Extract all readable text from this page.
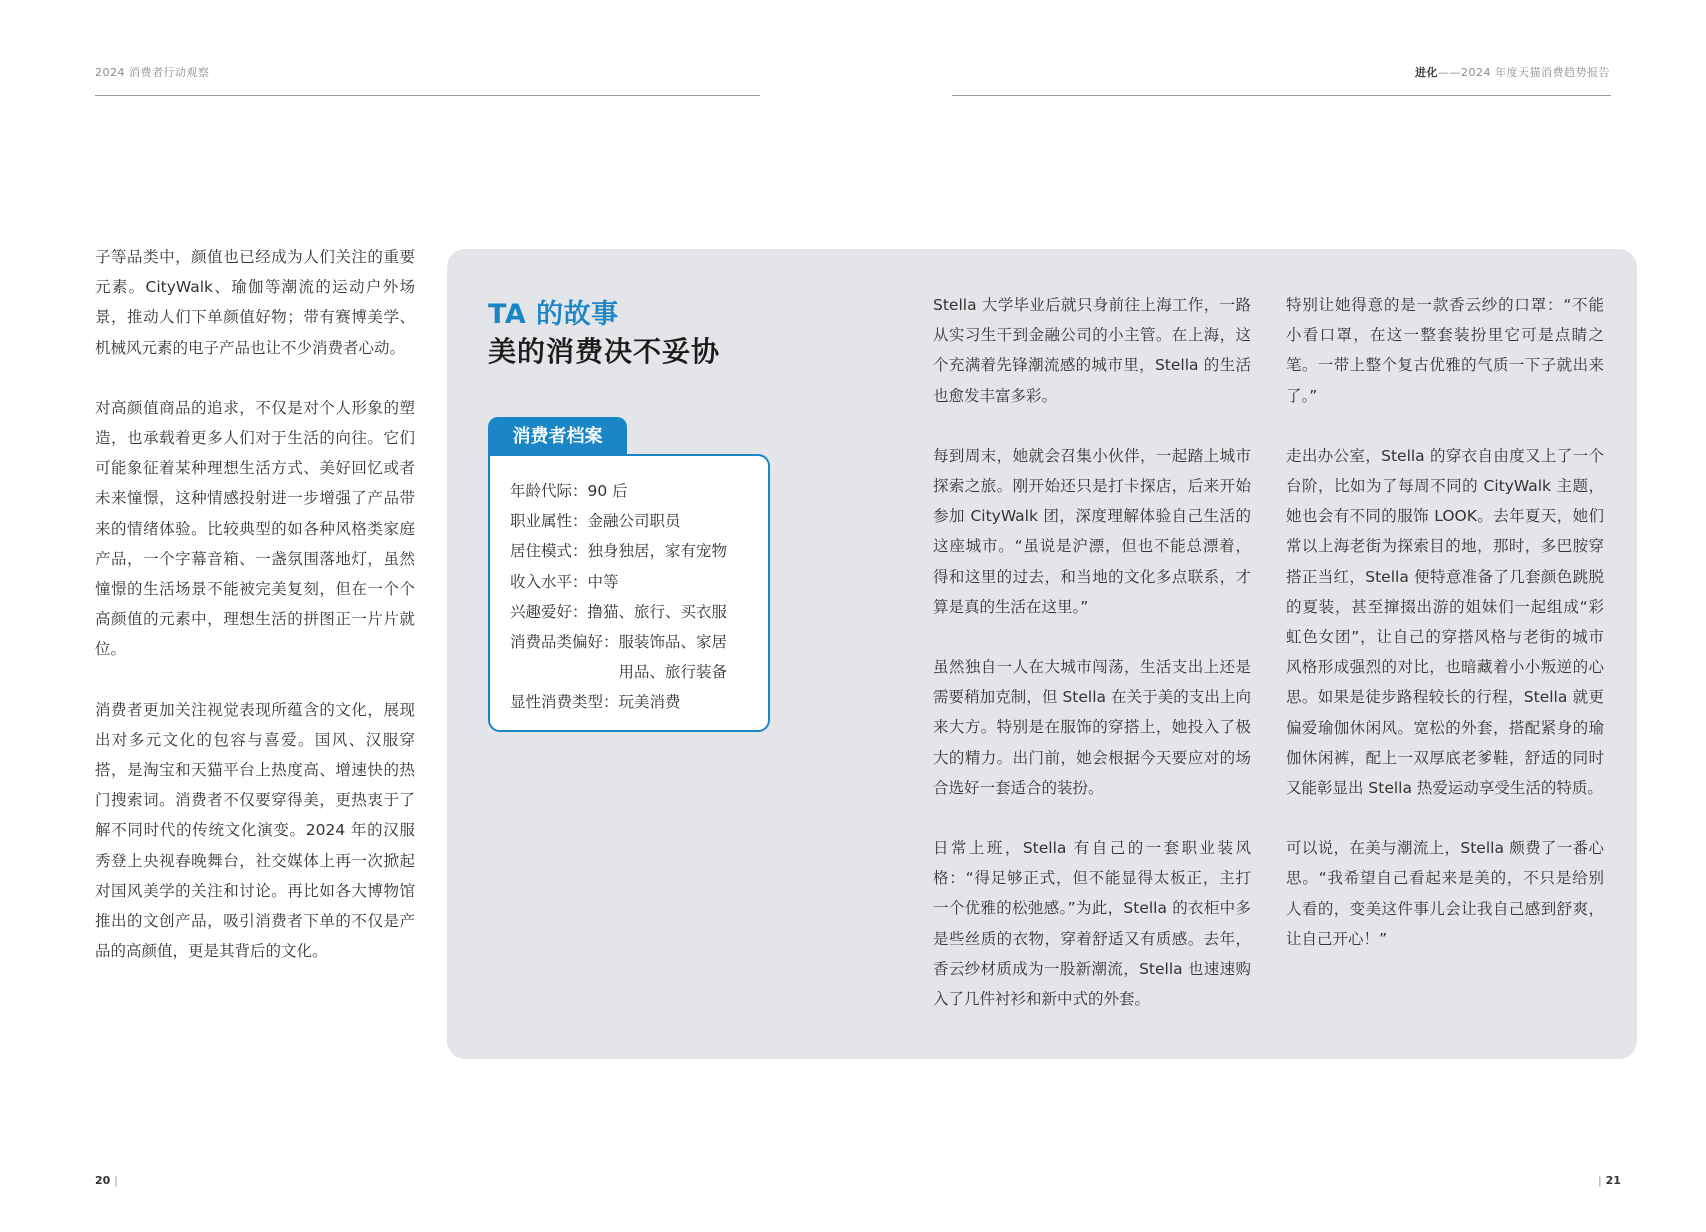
2024 消费者行动观察	进化——2024 年度天猫消费趋势报告

子等品类中，颜值也已经成为人们关注的重要元素。CityWalk、瑜伽等潮流的运动户外场景，推动人们下单颜值好物；带有赛博美学、机械风元素的电子产品也让不少消费者心动。

对高颜值商品的追求，不仅是对个人形象的塑造，也承载着更多人们对于生活的向往。它们可能象征着某种理想生活方式、美好回忆或者未来憧憬，这种情感投射进一步增强了产品带来的情绪体验。比较典型的如各种风格类家庭产品，一个字幕音箱、一盏氛围落地灯，虽然憧憬的生活场景不能被完美复刻，但在一个个高颜值的元素中，理想生活的拼图正一片片就位。

消费者更加关注视觉表现所蕴含的文化，展现出对多元文化的包容与喜爱。国风、汉服穿搭，是淘宝和天猫平台上热度高、增速快的热门搜索词。消费者不仅要穿得美，更热衷于了解不同时代的传统文化演变。2024 年的汉服秀登上央视春晚舞台，社交媒体上再一次掀起对国风美学的关注和讨论。再比如各大博物馆推出的文创产品，吸引消费者下单的不仅是产品的高颜值，更是其背后的文化。

TA 的故事
美的消费决不妥协
消费者档案
年龄代际： 90 后
职业属性： 金融公司职员
居住模式： 独身独居，家有宠物
收入水平： 中等
兴趣爱好： 撸猫、旅行、买衣服
消费品类偏好： 服装饰品、家居用品、旅行装备
显性消费类型： 玩美消费

Stella 大学毕业后就只身前往上海工作，一路从实习生干到金融公司的小主管。在上海，这个充满着先锋潮流感的城市里，Stella 的生活也愈发丰富多彩。

每到周末，她就会召集小伙伴，一起踏上城市探索之旅。刚开始还只是打卡探店，后来开始参加 CityWalk 团，深度理解体验自己生活的这座城市。“虽说是沪漂，但也不能总漂着，得和这里的过去，和当地的文化多点联系，才算是真的生活在这里。”

虽然独自一人在大城市闯荡，生活支出上还是需要稍加克制，但 Stella 在关于美的支出上向来大方。特别是在服饰的穿搭上，她投入了极大的精力。出门前，她会根据今天要应对的场合选好一套适合的装扮。

日常上班，Stella 有自己的一套职业装风格：“得足够正式，但不能显得太板正，主打一个优雅的松弛感。”为此，Stella 的衣柜中多是些丝质的衣物，穿着舒适又有质感。去年，香云纱材质成为一股新潮流，Stella 也速速购入了几件衬衫和新中式的外套。

特别让她得意的是一款香云纱的口罩：“不能小看口罩，在这一整套装扮里它可是点睛之笔。一带上整个复古优雅的气质一下子就出来了。”

走出办公室，Stella 的穿衣自由度又上了一个台阶，比如为了每周不同的 CityWalk 主题，她也会有不同的服饰 LOOK。去年夏天，她们常以上海老街为探索目的地，那时，多巴胺穿搭正当红，Stella 便特意准备了几套颜色跳脱的夏装，甚至撺掇出游的姐妹们一起组成“彩虹色女团”，让自己的穿搭风格与老街的城市风格形成强烈的对比，也暗藏着小小叛逆的心思。如果是徒步路程较长的行程，Stella 就更偏爱瑜伽休闲风。宽松的外套，搭配紧身的瑜伽休闲裤，配上一双厚底老爹鞋，舒适的同时又能彰显出 Stella 热爱运动享受生活的特质。

可以说，在美与潮流上，Stella 颇费了一番心思。“我希望自己看起来是美的，不只是给别人看的，变美这件事儿会让我自己感到舒爽，让自己开心！”

20 |	| 21
